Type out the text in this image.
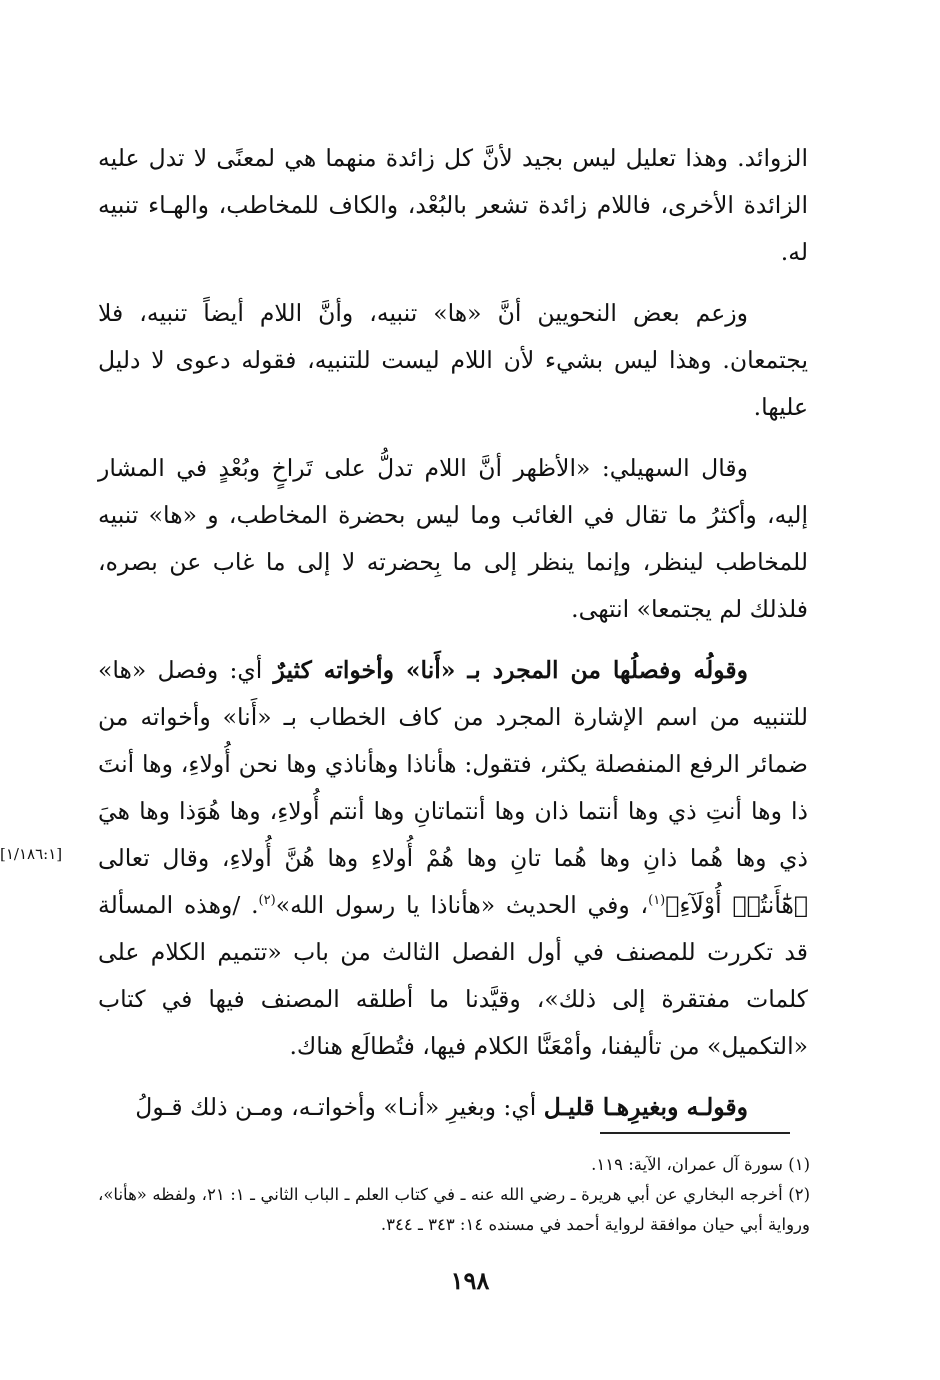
الزوائد. وهذا تعليل ليس بجيد لأنَّ كل زائدة منهما هي لمعنًى لا تدل عليه الزائدة الأخرى، فاللام زائدة تشعر بالبُعْد، والكاف للمخاطب، والهـاء تنبيه له.

وزعم بعض النحويين أنَّ «ها» تنبيه، وأنَّ اللام أيضاً تنبيه، فلا يجتمعان. وهذا ليس بشيء لأن اللام ليست للتنبيه، فقوله دعوى لا دليل عليها.

وقال السهيلي: «الأظهر أنَّ اللام تدلُّ على تَراخٍ وبُعْدٍ في المشار إليه، وأكثرُ ما تقال في الغائب وما ليس بحضرة المخاطب، و «ها» تنبيه للمخاطب لينظر، وإنما ينظر إلى ما بِحضرته لا إلى ما غاب عن بصره، فلذلك لم يجتمعا» انتهى.

وقولُه وفصلُها من المجرد بـ «أَنا» وأخواته كثيرٌ أي: وفصل «ها» للتنبيه من اسم الإشارة المجرد من كاف الخطاب بـ «أَنا» وأخواته من ضمائر الرفع المنفصلة يكثر، فتقول: هأناذا وهأناذي وها نحن أُولاءِ، وها أنتَ ذا وها أنتِ ذي وها أنتما ذان وها أنتماتانِ وها أنتم أُولاءِ، وها هُوَذا وها هيَ ذي وها هُما ذانِ وها هُما تانِ وها هُمْ أُولاءِ وها هُنَّ أُولاءِ، وقال تعالى ﴿هَٰٓأَنتُمۡ أُوْلَآءِ﴾$^{(١)}$، وفي الحديث «هأناذا يا رسول الله»$^{(٢)}$. /وهذه المسألة قد تكررت للمصنف في أول الفصل الثالث من باب «تتميم الكلام على كلمات مفتقرة إلى ذلك»، وقيَّدنا ما أطلقه المصنف فيها في كتاب «التكميل» من تأليفنا، وأمْعَنَّا الكلام فيها، فتُطالَع هناك.

وقولـه وبغيرِهـا قليـل أي: وبغيرِ «أنـا» وأخواتـه، ومـن ذلك قـولُ

[١/١٨٦:١]

(١) سورة آل عمران، الآية: ١١٩.

(٢) أخرجه البخاري عن أبي هريرة ـ رضي الله عنه ـ في كتاب العلم ـ الباب الثاني ـ ١: ٢١، ولفظه «هأنا»، ورواية أبي حيان موافقة لرواية أحمد في مسنده ١٤: ٣٤٣ ـ ٣٤٤.

١٩٨
